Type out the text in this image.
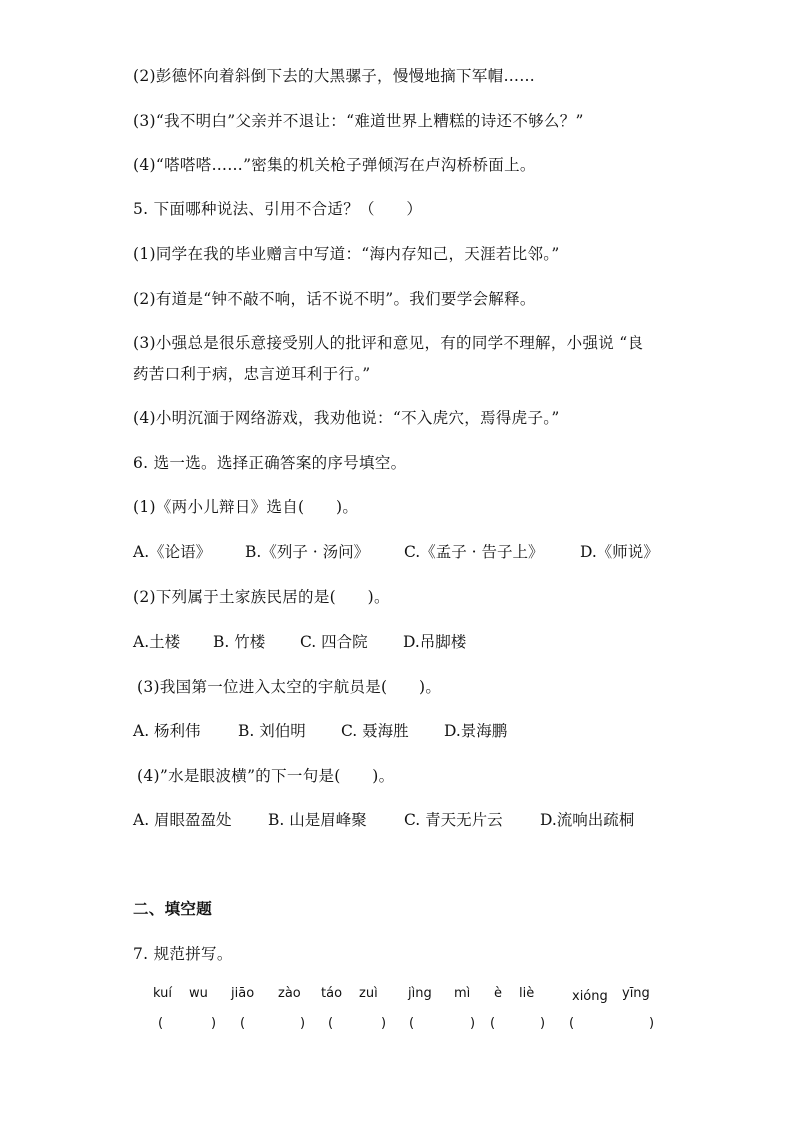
(2)彭德怀向着斜倒下去的大黑骡子，慢慢地摘下军帽……
(3)“我不明白”父亲并不退让：“难道世界上糟糕的诗还不够么？”
(4)“嗒嗒嗒……”密集的机关枪子弹倾泻在卢沟桥桥面上。
5. 下面哪种说法、引用不合适？（　　）
(1)同学在我的毕业赠言中写道：“海内存知己，天涯若比邻。”
(2)有道是“钟不敲不响，话不说不明”。我们要学会解释。
(3)小强总是很乐意接受别人的批评和意见，有的同学不理解，小强说 “良
药苦口利于病，忠言逆耳利于行。”
(4)小明沉湎于网络游戏，我劝他说：“不入虎穴，焉得虎子。”
6. 选一选。选择正确答案的序号填空。
(1)《两小儿辩日》选自(　　)。
A.《论语》 B.《列子 · 汤问》 C.《孟子 · 告子上》 D.《师说》
(2)下列属于土家族民居的是(　　)。
A.土楼 B. 竹楼 C. 四合院 D.吊脚楼
(3)我国第一位进入太空的宇航员是(　　)。
A. 杨利伟 B. 刘伯明 C. 聂海胜 D.景海鹏
(4)”水是眼波横”的下一句是(　　)。
A. 眉眼盈盈处 B. 山是眉峰聚 C. 青天无片云 D.流响出疏桐
二、填空题
7. 规范拼写。
kuí wu jiāo zào táo zuì jìng mì è liè	xióng yīng
(	) (	) (	) (	) (	) (	)
